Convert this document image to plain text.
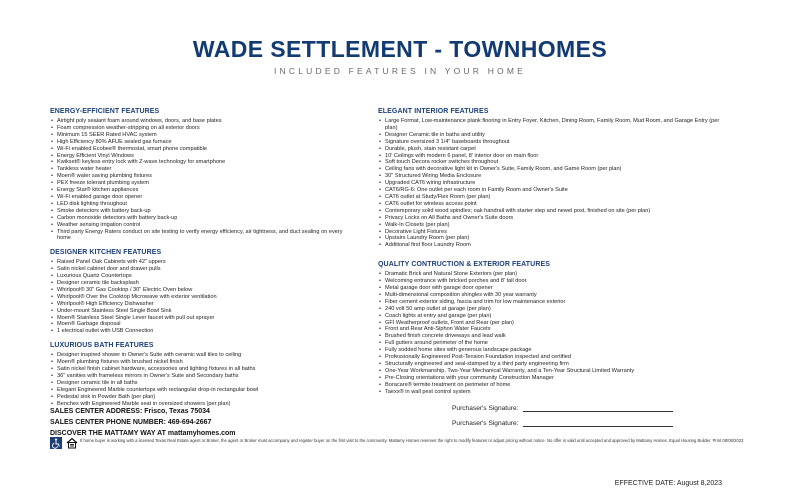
WADE SETTLEMENT - TOWNHOMES
INCLUDED FEATURES IN YOUR HOME
ENERGY-EFFICIENT FEATURES
• Airtight poly sealant foam around windows, doors, and base plates
• Foam compression weather-stripping on all exterior doors
• Minimum 15 SEER Rated HVAC system
• High Efficiency 80% AFUE sealed gas furnace
• Wi-Fi enabled Ecobee® thermostat, smart phone compatible
• Energy Efficient Vinyl Windows
• Kwikset® keyless entry lock with Z-wave technology for smartphone
• Tankless water heater
• Moen® water saving plumbing fixtures
• PEX freeze tolerant plumbing system
• Energy Star® kitchen appliances
• Wi-Fi enabled garage door opener
• LED disk lighting throughout
• Smoke detectors with battery back-up
• Carbon monoxide detectors with battery back-up
• Weather sensing irrigation control
• Third party Energy Raters conduct on site testing to verify energy efficiency, air tightness, and duct sealing on every home
DESIGNER KITCHEN FEATURES
• Raised Panel Oak Cabinets with 42" uppers
• Satin nickel cabinet door and drawer pulls
• Luxurious Quartz Countertops
• Designer ceramic tile backsplash
• Whirlpool® 30" Gas Cooktop / 30" Electric Oven below
• Whirlpool® Over the Cooktop Microwave with exterior ventilation
• Whirlpool® High Efficiency Dishwasher
• Under-mount Stainless Steel Single Bowl Sink
• Moen® Stainless Steel Single Lever faucet with pull out sprayer
• Moen® Garbage disposal
• 1 electrical outlet with USB Connection
LUXURIOUS BATH FEATURES
• Designer inspired shower in Owner's Suite with ceramic wall tiles to ceiling
• Moen® plumbing fixtures with brushed nickel finish
• Satin nickel finish cabinet hardware, accessories and lighting fixtures in all baths
• 36" vanities with frameless mirrors in Owner's Suite and Secondary baths
• Designer ceramic tile in all baths
• Elegant Engineered Marble countertops with rectangular drop-in rectangular bowl
• Pedestal sink in Powder Bath (per plan)
• Benches with Engineered Marble seat in oversized showers (per plan)
ELEGANT INTERIOR FEATURES
• Large Format, Low-maintenance plank flooring in Entry Foyer, Kitchen, Dining Room, Family Room, Mud Room, and Garage Entry (per plan)
• Designer Ceramic tile in baths and utility
• Signature oversized 3 1/4" baseboards throughout
• Durable, plush, stain resistant carpet
• 10' Ceilings with modern 6 panel, 8' interior door on main floor
• Soft touch Decora rocker switches throughout
• Ceiling fans with decorative light kit in Owner's Suite, Family Room, and Game Room (per plan)
• 30" Structured Wiring Media Enclosure
• Upgraded CAT6 wiring infrastructure
• CAT6/RG-6: One outlet per each room in Family Room and Owner's Suite
• CAT6 outlet at Study/Flex Room (per plan)
• CAT6 outlet for wireless access point
• Contemporary solid wood spindles; oak handrail with starter step and newel post, finished on site (per plan)
• Privacy Locks on All Baths and Owner's Suite doors
• Walk-In Closets (per plan)
• Decorative Light Fixtures
• Upstairs Laundry Room (per plan)
• Additional first floor Laundry Room
QUALITY CONTRUCTION & EXTERIOR FEATURES
• Dramatic Brick and Natural Stone Exteriors (per plan)
• Welcoming entrance with bricked porches and 8' tall door
• Metal garage door with garage door opener
• Multi-dimensional composition shingles with 30 year warranty
• Fiber cement exterior siding, fascia and trim for low maintenance exterior
• 240 volt 50 amp outlet at garage (per plan)
• Coach lights at entry and garage (per plan)
• GFI Weatherproof outlets, Front and Rear (per plan)
• Front and Rear Anti-Siphon Water Faucets
• Brushed finish concrete driveways and lead walk
• Full gutters around perimeter of the home
• Fully sodded home sites with generous landscape package
• Professionally Engineered Post-Tension Foundation inspected and certified
• Structurally engineered and seal-stamped by a third party engineering firm
• One-Year Workmanship, Two-Year Mechanical Warranty, and a Ten-Year Structural Limited Warranty
• Pre-Closing orientations with your community Construction Manager
• Boracare® termite treatment on perimeter of home
• Taexx® in wall pest control system
SALES CENTER ADDRESS: Frisco, Texas 75034
SALES CENTER PHONE NUMBER: 469-694-2667
DISCOVER THE MATTAMY WAY AT mattamyhomes.com
Purchaser's Signature:
Purchaser's Signature:
If home buyer is working with a licensed Texas Real Estate agent or Broker, the agent or Broker must accompany and register buyer on the first visit to the community. Mattamy Homes reserves the right to modify features or adjust pricing without notice. No offer is valid until accepted and approved by Mattamy Homes. Equal Housing Builder. Print 08/08/2023
EFFECTIVE DATE: August 8,2023
